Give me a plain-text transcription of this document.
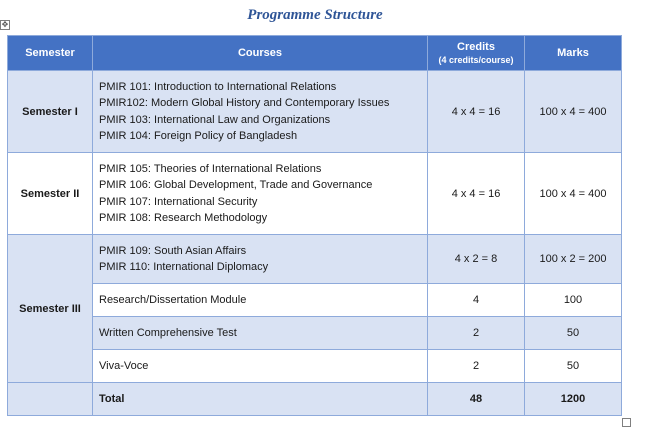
✥
Programme Structure
Semester	Courses	Credits
(4 credits/course)	Marks
Semester I	PMIR 101: Introduction to International Relations
PMIR102: Modern Global History and Contemporary Issues
PMIR 103: International Law and Organizations
PMIR 104: Foreign Policy of Bangladesh	4 x 4 = 16	100 x 4 = 400
Semester II	PMIR 105: Theories of International Relations
PMIR 106: Global Development, Trade and Governance
PMIR 107: International Security
PMIR 108: Research Methodology	4 x 4 = 16	100 x 4 = 400
Semester III	PMIR 109: South Asian Affairs
PMIR 110: International Diplomacy	4 x 2 = 8	100 x 2 = 200
	Research/Dissertation Module	4	100
	Written Comprehensive Test	2	50
	Viva-Voce	2	50
	Total	48	1200
